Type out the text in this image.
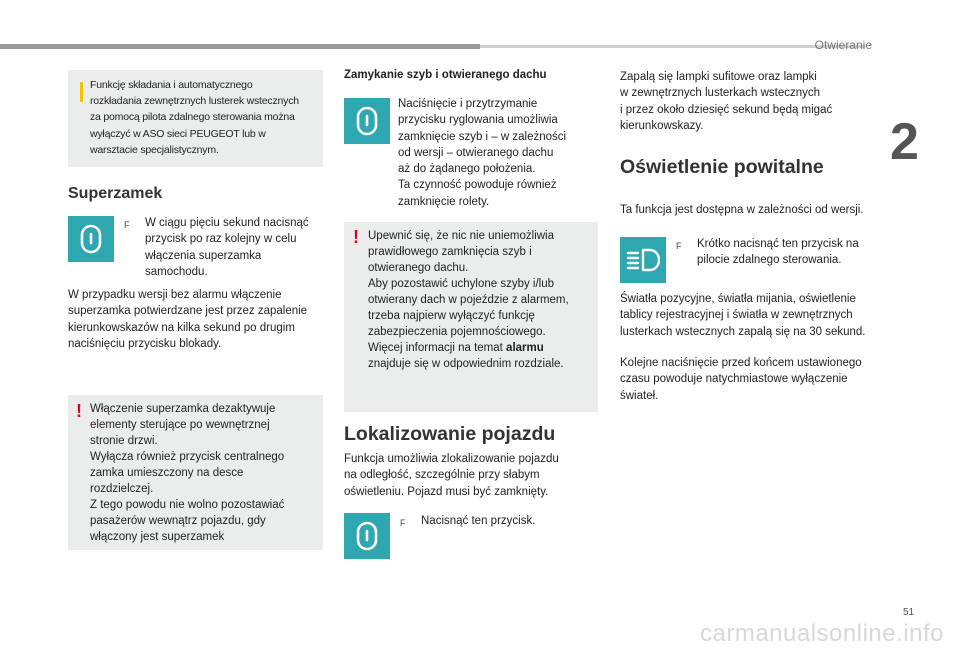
Otwieranie
2
Funkcję składania i automatycznego
rozkładania zewnętrznych lusterek wstecznych
za pomocą pilota zdalnego sterowania można
wyłączyć w ASO sieci PEUGEOT lub w
warsztacie specjalistycznym.
Superzamek
F W ciągu pięciu sekund nacisnąć
przycisk po raz kolejny w celu
włączenia superzamka
samochodu.
W przypadku wersji bez alarmu włączenie
superzamka potwierdzane jest przez zapalenie
kierunkowskazów na kilka sekund po drugim
naciśnięciu przycisku blokady.
! Włączenie superzamka dezaktywuje
elementy sterujące po wewnętrznej
stronie drzwi.
Wyłącza również przycisk centralnego
zamka umieszczony na desce
rozdzielczej.
Z tego powodu nie wolno pozostawiać
pasażerów wewnątrz pojazdu, gdy
włączony jest superzamek
Zamykanie szyb i otwieranego dachu
Naciśnięcie i przytrzymanie
przycisku ryglowania umożliwia
zamknięcie szyb i – w zależności
od wersji – otwieranego dachu
aż do żądanego położenia.
Ta czynność powoduje również
zamknięcie rolety.
! Upewnić się, że nic nie uniemożliwia
prawidłowego zamknięcia szyb i
otwieranego dachu.
Aby pozostawić uchylone szyby i/lub
otwierany dach w pojeździe z alarmem,
trzeba najpierw wyłączyć funkcję
zabezpieczenia pojemnościowego.
Więcej informacji na temat alarmu
znajduje się w odpowiednim rozdziale.
Lokalizowanie pojazdu
Funkcja umożliwia zlokalizowanie pojazdu
na odległość, szczególnie przy słabym
oświetleniu. Pojazd musi być zamknięty.
F Nacisnąć ten przycisk.
Zapalą się lampki sufitowe oraz lampki
w zewnętrznych lusterkach wstecznych
i przez około dziesięć sekund będą migać
kierunkowskazy.
Oświetlenie powitalne
Ta funkcja jest dostępna w zależności od wersji.
F Krótko nacisnąć ten przycisk na
pilocie zdalnego sterowania.
Światła pozycyjne, światła mijania, oświetlenie
tablicy rejestracyjnej i światła w zewnętrznych
lusterkach wstecznych zapalą się na 30 sekund.
Kolejne naciśnięcie przed końcem ustawionego
czasu powoduje natychmiastowe wyłączenie
świateł.
51
carmanualsonline.info
